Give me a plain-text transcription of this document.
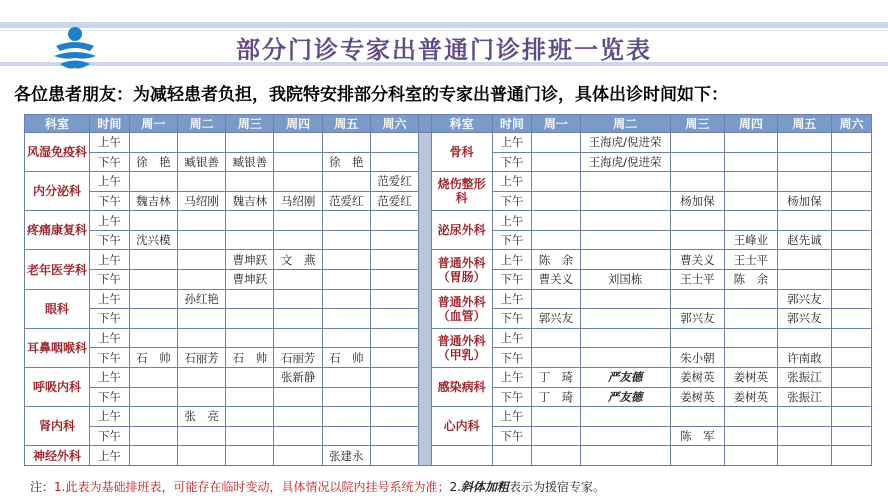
部分门诊专家出普通门诊排班一览表
各位患者朋友：为减轻患者负担，我院特安排部分科室的专家出普通门诊，具体出诊时间如下：
科室	时间	周一	周二	周三	周四	周五	周六		科室	时间	周一	周二	周三	周四	周五	周六
风湿免疫科	上午								骨科	上午		王海虎/倪进荣				
	下午	徐　艳	臧银善	臧银善		徐　艳				下午		王海虎/倪进荣				
内分泌科	上午						范爱红		烧伤整形科	上午						
	下午	魏吉林	马绍刚	魏吉林	马绍刚	范爱红	范爱红			下午			杨加保		杨加保	
疼痛康复科	上午								泌尿外科	上午						
	下午	沈兴模								下午				王峰业	赵先诚	
老年医学科	上午			曹坤跃	文　燕				普通外科（胃肠）	上午	陈　余		曹关义	王士平		
	下午			曹坤跃						下午	曹关义	刘国栋	王士平	陈　余		
眼科	上午		孙红艳						普通外科（血管）	上午					郭兴友	
	下午									下午	郭兴友		郭兴友		郭兴友	
耳鼻咽喉科	上午								普通外科（甲乳）	上午						
	下午	石　帅	石丽芳	石　帅	石丽芳	石　帅				下午			朱小朝		许南敢	
呼吸内科	上午				张新静				感染病科	上午	丁　琦	严友德	姜树英	姜树英	张振江	
	下午									下午	丁　琦	严友德	姜树英	姜树英	张振江	
肾内科	上午		张　亮						心内科	上午						
	下午									下午			陈　军			
神经外科	上午					张建永										
注：1.此表为基础排班表，可能存在临时变动，具体情况以院内挂号系统为准；2.斜体加粗表示为援宿专家。
